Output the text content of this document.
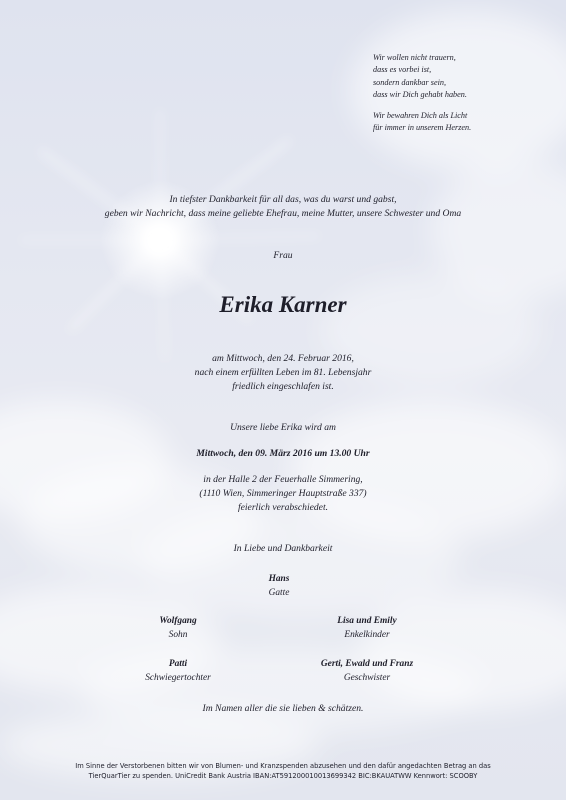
Wir wollen nicht trauern,
dass es vorbei ist,
sondern dankbar sein,
dass wir Dich gehabt haben.
Wir bewahren Dich als Licht
für immer in unserem Herzen.
In tiefster Dankbarkeit für all das, was du warst und gabst,
geben wir Nachricht, dass meine geliebte Ehefrau, meine Mutter, unsere Schwester und Oma
Frau
Erika Karner
am Mittwoch, den 24. Februar 2016,
nach einem erfüllten Leben im 81. Lebensjahr
friedlich eingeschlafen ist.
Unsere liebe Erika wird am
Mittwoch, den 09. März 2016 um 13.00 Uhr
in der Halle 2 der Feuerhalle Simmering,
(1110 Wien, Simmeringer Hauptstraße 337)
feierlich verabschiedet.
In Liebe und Dankbarkeit
Hans
Gatte
Wolfgang
Sohn
Lisa und Emily
Enkelkinder
Patti
Schwiegertochter
Gerti, Ewald und Franz
Geschwister
Im Namen aller die sie lieben & schätzen.
Im Sinne der Verstorbenen bitten wir von Blumen- und Kranzspenden abzusehen und den dafür angedachten Betrag an das
TierQuarTier zu spenden. UniCredit Bank Austria IBAN:AT591200010013699342 BIC:BKAUATWW Kennwort: SCOOBY
